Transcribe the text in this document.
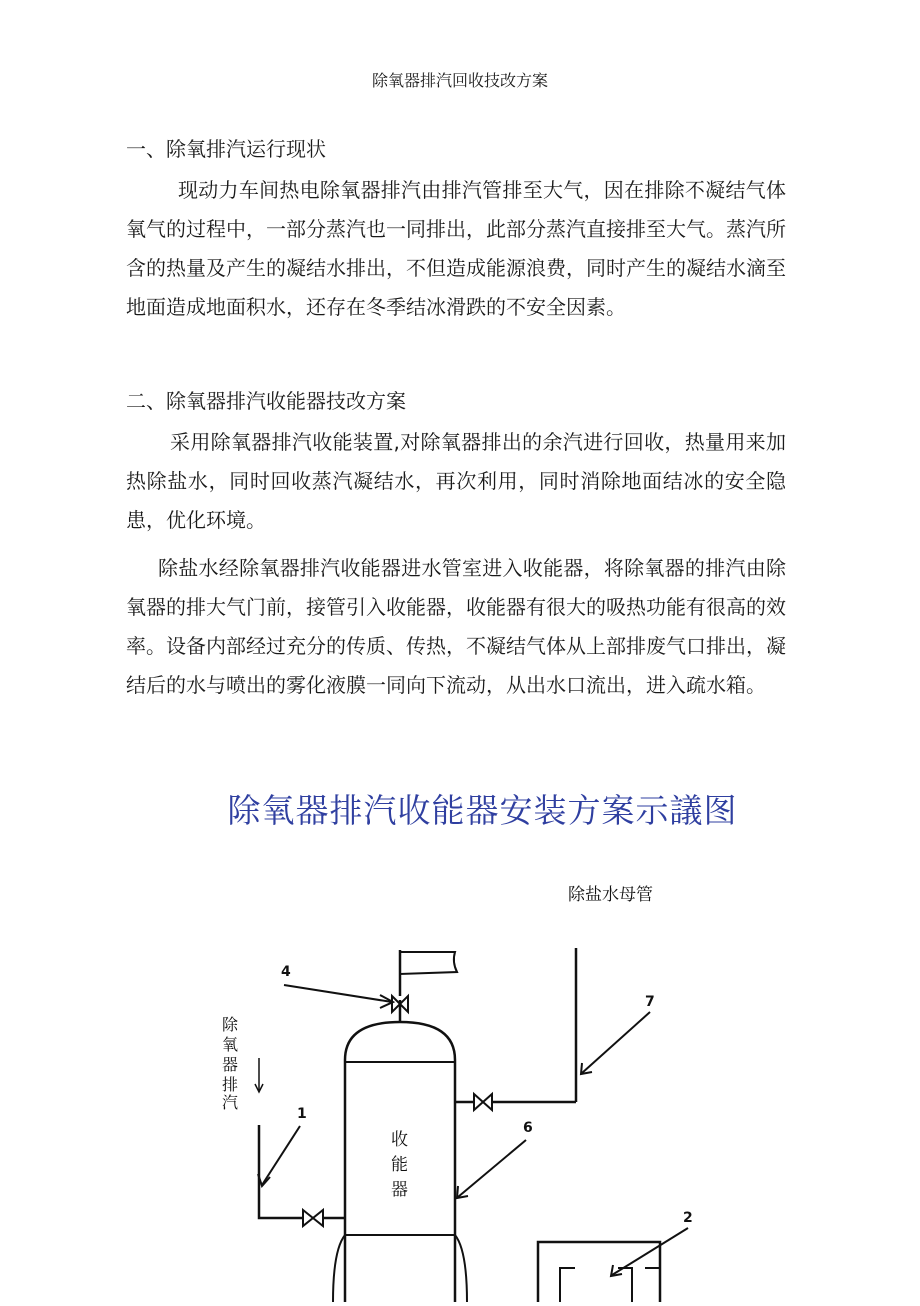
除氧器排汽回收技改方案
一、除氧排汽运行现状
现动力车间热电除氧器排汽由排汽管排至大气，因在排除不凝结气体氧气的过程中，一部分蒸汽也一同排出，此部分蒸汽直接排至大气。蒸汽所含的热量及产生的凝结水排出，不但造成能源浪费，同时产生的凝结水滴至地面造成地面积水，还存在冬季结冰滑跌的不安全因素。
二、除氧器排汽收能器技改方案
采用除氧器排汽收能装置,对除氧器排出的余汽进行回收，热量用来加热除盐水，同时回收蒸汽凝结水，再次利用，同时消除地面结冰的安全隐患，优化环境。
除盐水经除氧器排汽收能器进水管室进入收能器，将除氧器的排汽由除氧器的排大气门前，接管引入收能器，收能器有很大的吸热功能有很高的效率。设备内部经过充分的传质、传热，不凝结气体从上部排废气口排出，凝结后的水与喷出的雾化液膜一同向下流动，从出水口流出，进入疏水箱。
除氧器排汽收能器安装方案示議图
除盐水母管
除
氧
器
排
汽
收
能
器
4
1
7
6
2
